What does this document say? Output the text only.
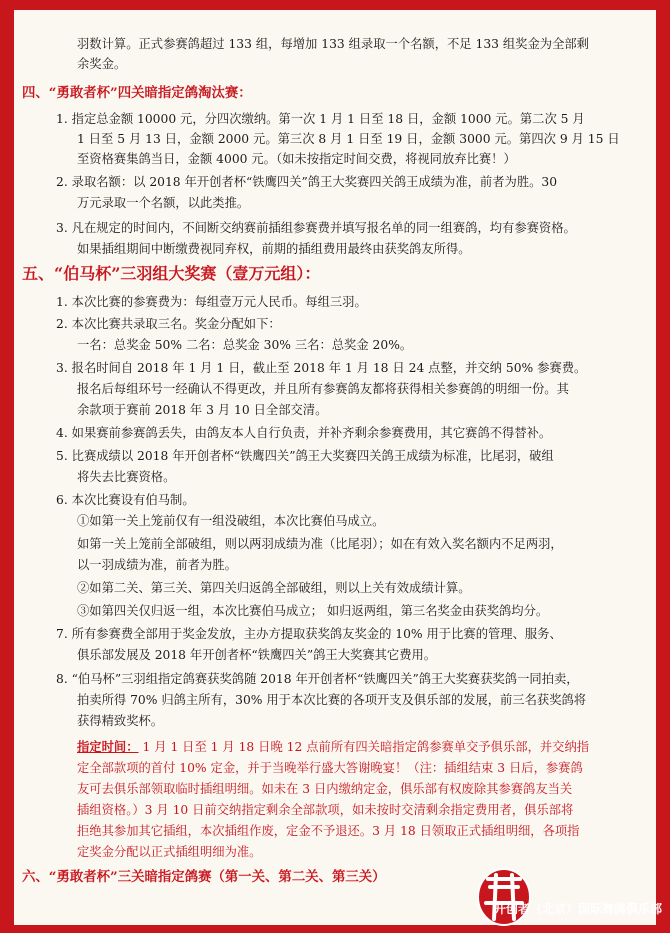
羽数计算。正式参赛鸽超过 133 组，每增加 133 组录取一个名额，不足 133 组奖金为全部剩
余奖金。
四、“勇敢者杯”四关暗指定鸽淘汰赛：
1. 指定总金额 10000 元，分四次缴纳。第一次 1 月 1 日至 18 日，金额 1000 元。第二次 5 月
1 日至 5 月 13 日，金额 2000 元。第三次 8 月 1 日至 19 日，金额 3000 元。第四次 9 月 15 日
至资格赛集鸽当日，金额 4000 元。（如未按指定时间交费，将视同放弃比赛！）
2. 录取名额：以 2018 年开创者杯“铁鹰四关”鸽王大奖赛四关鸽王成绩为准，前者为胜。30
万元录取一个名额，以此类推。
3. 凡在规定的时间内，不间断交纳赛前插组参赛费并填写报名单的同一组赛鸽，均有参赛资格。
如果插组期间中断缴费视同弃权，前期的插组费用最终由获奖鸽友所得。
五、“伯马杯”三羽组大奖赛（壹万元组）：
1. 本次比赛的参赛费为：每组壹万元人民币。每组三羽。
2. 本次比赛共录取三名。奖金分配如下：
一名：总奖金 50% 二名：总奖金 30% 三名：总奖金 20%。
3. 报名时间自 2018 年 1 月 1 日，截止至 2018 年 1 月 18 日 24 点整，并交纳 50% 参赛费。
报名后每组环号一经确认不得更改，并且所有参赛鸽友都将获得相关参赛鸽的明细一份。其
余款项于赛前 2018 年 3 月 10 日全部交清。
4. 如果赛前参赛鸽丢失，由鸽友本人自行负责，并补齐剩余参赛费用，其它赛鸽不得替补。
5. 比赛成绩以 2018 年开创者杯“铁鹰四关”鸽王大奖赛四关鸽王成绩为标准，比尾羽，破组
将失去比赛资格。
6. 本次比赛设有伯马制。
①如第一关上笼前仅有一组没破组，本次比赛伯马成立。
如第一关上笼前全部破组，则以两羽成绩为准（比尾羽）；如在有效入奖名额内不足两羽，
以一羽成绩为准，前者为胜。
②如第二关、第三关、第四关归返鸽全部破组，则以上关有效成绩计算。
③如第四关仅归返一组，本次比赛伯马成立； 如归返两组，第三名奖金由获奖鸽均分。
7. 所有参赛费全部用于奖金发放，主办方提取获奖鸽友奖金的 10% 用于比赛的管理、服务、
俱乐部发展及 2018 年开创者杯“铁鹰四关”鸽王大奖赛其它费用。
8. “伯马杯”三羽组指定鸽赛获奖鸽随 2018 年开创者杯“铁鹰四关”鸽王大奖赛获奖鸽一同拍卖，
拍卖所得 70% 归鸽主所有，30% 用于本次比赛的各项开支及俱乐部的发展，前三名获奖鸽将
获得精致奖杯。
指定时间： 1 月 1 日至 1 月 18 日晚 12 点前所有四关暗指定鸽参赛单交予俱乐部，并交纳指
定全部款项的首付 10% 定金，并于当晚举行盛大答谢晚宴！（注：插组结束 3 日后，参赛鸽
友可去俱乐部领取临时插组明细。如未在 3 日内缴纳定金，俱乐部有权废除其参赛鸽友当关
插组资格。）3 月 10 日前交纳指定剩余全部款项，如未按时交清剩余指定费用者，俱乐部将
拒绝其参加其它插组，本次插组作废，定金不予退还。3 月 18 日领取正式插组明细，各项指
定奖金分配以正式插组明细为准。
六、“勇敢者杯”三关暗指定鸽赛（第一关、第二关、第三关）
开创者（北京）国际赛鸽俱乐部
